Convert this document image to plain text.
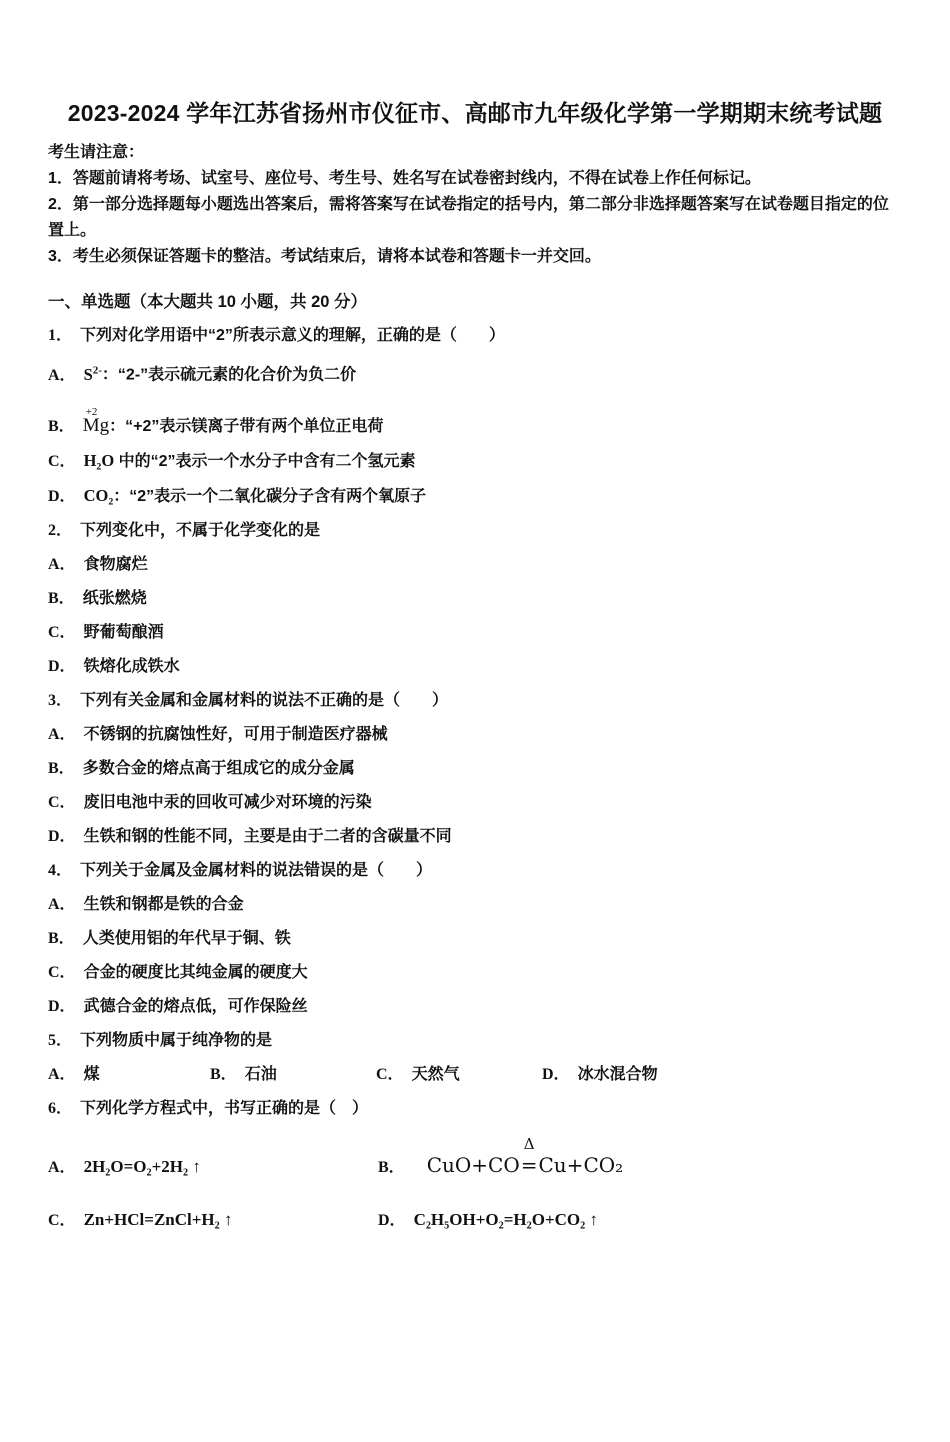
2023-2024 学年江苏省扬州市仪征市、高邮市九年级化学第一学期期末统考试题
考生请注意：
1．答题前请将考场、试室号、座位号、考生号、姓名写在试卷密封线内，不得在试卷上作任何标记。
2．第一部分选择题每小题选出答案后，需将答案写在试卷指定的括号内，第二部分非选择题答案写在试卷题目指定的位置上。
3．考生必须保证答题卡的整洁。考试结束后，请将本试卷和答题卡一并交回。
一、单选题（本大题共 10 小题，共 20 分）
1． 下列对化学用语中“2”所表示意义的理解，正确的是（　　）
A． $S^{2-}$：“2-”表示硫元素的化合价为负二价
B．
+2
Mg：“+2”表示镁离子带有两个单位正电荷
C． H₂O 中的“2”表示一个水分子中含有二个氢元素
D． CO₂：“2”表示一个二氧化碳分子含有两个氧原子
2． 下列变化中，不属于化学变化的是
A． 食物腐烂
B． 纸张燃烧
C． 野葡萄酿酒
D． 铁熔化成铁水
3． 下列有关金属和金属材料的说法不正确的是（　　）
A． 不锈钢的抗腐蚀性好，可用于制造医疗器械
B． 多数合金的熔点高于组成它的成分金属
C． 废旧电池中汞的回收可减少对环境的污染
D． 生铁和钢的性能不同，主要是由于二者的含碳量不同
4． 下列关于金属及金属材料的说法错误的是（　　）
A． 生铁和钢都是铁的合金
B． 人类使用铝的年代早于铜、铁
C． 合金的硬度比其纯金属的硬度大
D． 武德合金的熔点低，可作保险丝
5． 下列物质中属于纯净物的是
A． 煤	B． 石油	C． 天然气	D． 冰水混合物
6． 下列化学方程式中，书写正确的是（　）
A． 2H₂O=O₂+2H₂ ↑	B． CuO+CO
Δ
=Cu+CO₂
C． Zn+HCl=ZnCl+H₂ ↑	D． C₂H₅OH+O₂=H₂O+CO₂ ↑
